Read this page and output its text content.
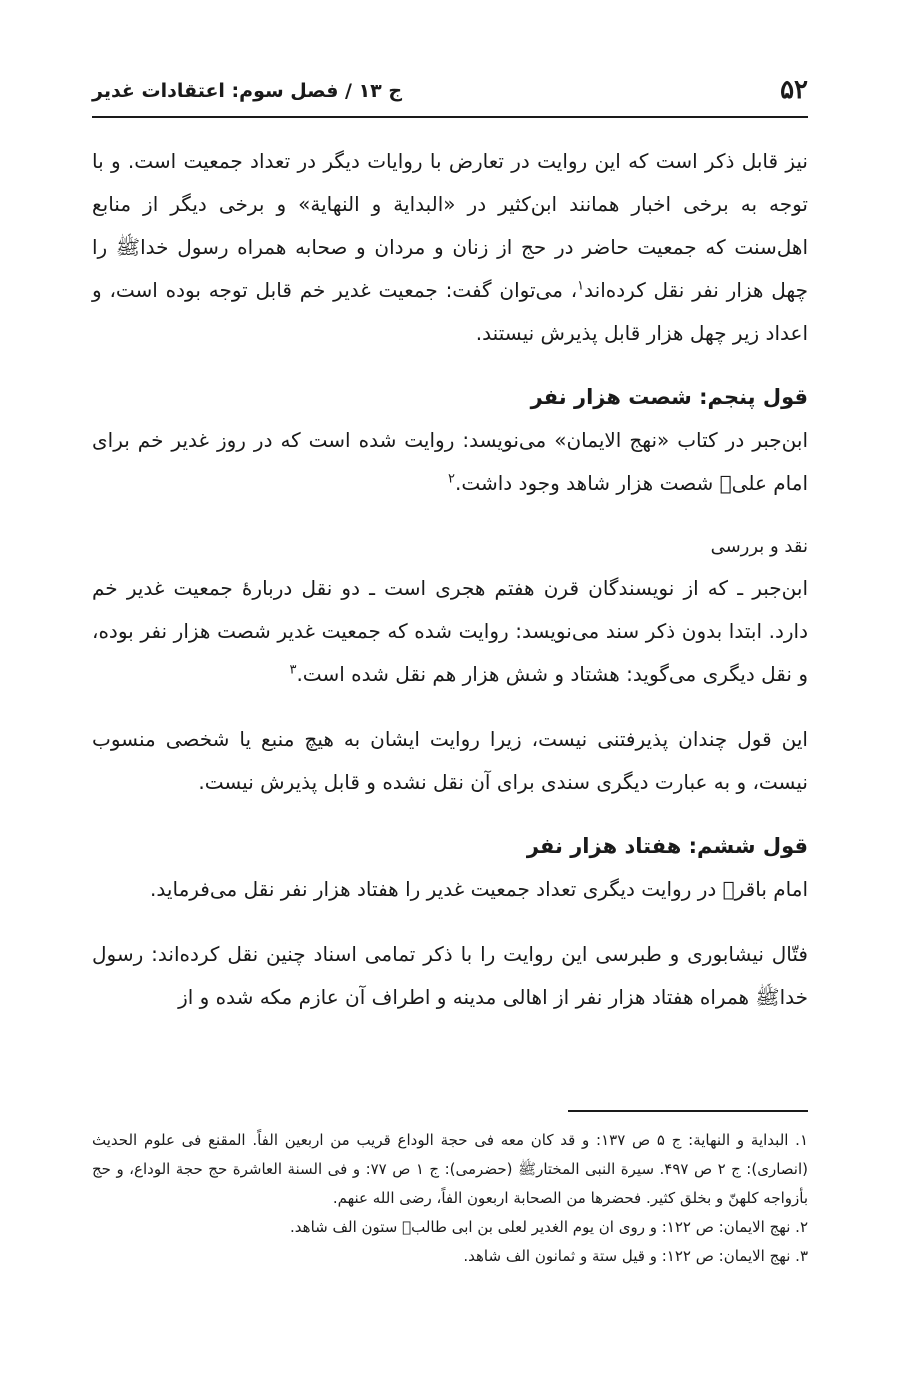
۵۲
ج ۱۳ / فصل سوم: اعتقادات غدیر

نیز قابل ذکر است که این روایت در تعارض با روایات دیگر در تعداد جمعیت است. و با توجه به برخی اخبار همانند ابن‌کثیر در «البدایة و النهایة» و برخی دیگر از منابع اهل‌سنت که جمعیت حاضر در حج از زنان و مردان و صحابه همراه رسول خداﷺ را چهل هزار نفر نقل کرده‌اند$^۱$، می‌توان گفت: جمعیت غدیر خم قابل توجه بوده است، و اعداد زیر چهل هزار قابل پذیرش نیستند.

قول پنجم: شصت هزار نفر

ابن‌جبر در کتاب «نهج الایمان» می‌نویسد: روایت شده است که در روز غدیر خم برای امام علیؑ شصت هزار شاهد وجود داشت.$^۲$

نقد و بررسی

ابن‌جبر ـ که از نویسندگان قرن هفتم هجری است ـ دو نقل دربارۀ جمعیت غدیر خم دارد. ابتدا بدون ذکر سند می‌نویسد: روایت شده که جمعیت غدیر شصت هزار نفر بوده، و نقل دیگری می‌گوید: هشتاد و شش هزار هم نقل شده است.$^۳$

این قول چندان پذیرفتنی نیست، زیرا روایت ایشان به هیچ منبع یا شخصی منسوب نیست، و به عبارت دیگری سندی برای آن نقل نشده و قابل پذیرش نیست.

قول ششم: هفتاد هزار نفر

امام باقرؑ در روایت دیگری تعداد جمعیت غدیر را هفتاد هزار نفر نقل می‌فرماید.

فتّال نیشابوری و طبرسی این روایت را با ذکر تمامی اسناد چنین نقل کرده‌اند: رسول خداﷺ همراه هفتاد هزار نفر از اهالی مدینه و اطراف آن عازم مکه شده و از

۱. البدایة و النهایة: ج ۵ ص ۱۳۷: و قد کان معه فی حجة الوداع قریب من اربعین الفاً. المقنع فی علوم الحدیث (انصاری): ج ۲ ص ۴۹۷. سیرة النبی المختارﷺ (حضرمی): ج ۱ ص ۷۷: و فی السنة العاشرة حج حجة الوداع، و حج بأزواجه کلهنّ و بخلق کثیر. فحضرها من الصحابة اربعون الفاً، رضی الله عنهم.

۲. نهج الایمان: ص ۱۲۲: و روی ان یوم الغدیر لعلی بن ابی طالبؑ ستون الف شاهد.

۳. نهج الایمان: ص ۱۲۲: و قیل ستة و ثمانون الف شاهد.
